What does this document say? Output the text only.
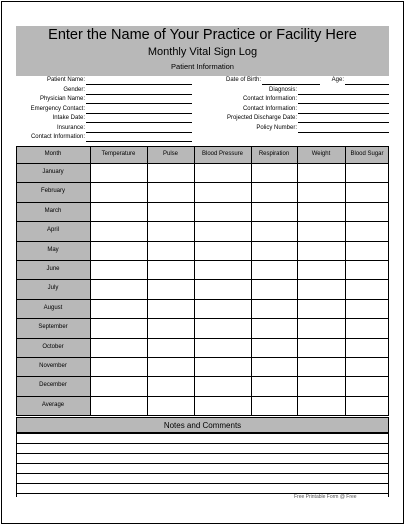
Enter the Name of Your Practice or Facility Here
Monthly Vital Sign Log
Patient Information
Patient Name:
Gender:
Physician Name:
Emergency Contact:
Intake Date:
Insurance:
Contact Information:
Date of Birth:	Age:
Diagnosis:
Contact Information:
Contact Information:
Projected Discharge Date:
Policy Number:
Month	Temperature	Pulse	Blood Pressure	Respiration	Weight	Blood Sugar
January
February
March
April
May
June
July
August
September
October
November
December
Average
Notes and Comments
Free Printable Form @ Free
